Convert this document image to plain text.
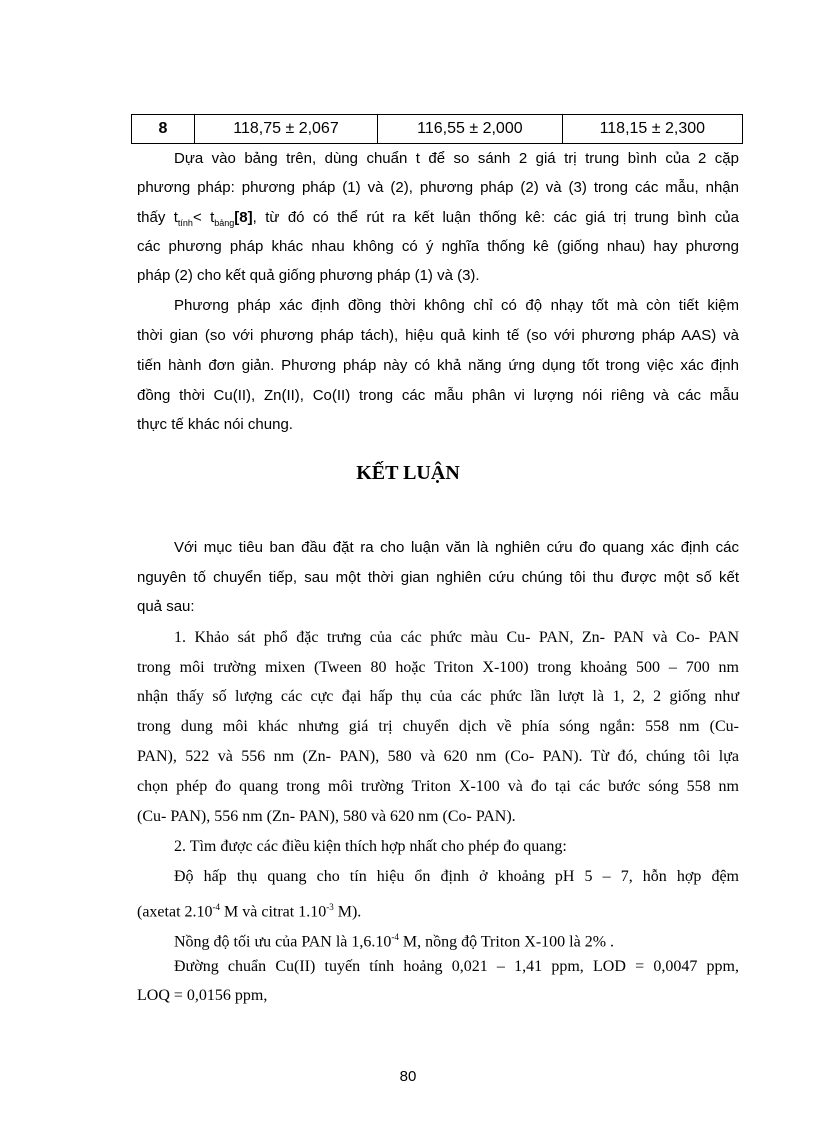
8	118,75 ± 2,067	116,55 ± 2,000	118,15 ± 2,300
Dựa vào bảng trên, dùng chuẩn t để so sánh 2 giá trị trung bình của 2 cặp
phương pháp: phương pháp (1) và (2), phương pháp (2) và (3) trong các mẫu, nhận
thấy $t_{tính}< t_{bảng}[8]$, từ đó có thể rút ra kết luận thống kê: các giá trị trung bình của
các phương pháp khác nhau không có ý nghĩa thống kê (giống nhau) hay phương
pháp (2) cho kết quả giống phương pháp (1) và (3).
Phương pháp xác định đồng thời không chỉ có độ nhạy tốt mà còn tiết kiệm
thời gian (so với phương pháp tách), hiệu quả kinh tế (so với phương pháp AAS) và
tiến hành đơn giản. Phương pháp này có khả năng ứng dụng tốt trong việc xác định
đồng thời Cu(II), Zn(II), Co(II) trong các mẫu phân vi lượng nói riêng và các mẫu
thực tế khác nói chung.
KẾT LUẬN
Với mục tiêu ban đầu đặt ra cho luận văn là nghiên cứu đo quang xác định các
nguyên tố chuyển tiếp, sau một thời gian nghiên cứu chúng tôi thu được một số kết
quả sau:
1. Khảo sát phổ đặc trưng của các phức màu Cu- PAN, Zn- PAN và Co- PAN
trong môi trường mixen (Tween 80 hoặc Triton X-100) trong khoảng 500 – 700 nm
nhận thấy số lượng các cực đại hấp thụ của các phức lần lượt là 1, 2, 2 giống như
trong dung môi khác nhưng giá trị chuyển dịch về phía sóng ngắn: 558 nm (Cu-
PAN), 522 và 556 nm (Zn- PAN), 580 và 620 nm (Co- PAN). Từ đó, chúng tôi lựa
chọn phép đo quang trong môi trường Triton X-100 và đo tại các bước sóng 558 nm
(Cu- PAN), 556 nm (Zn- PAN), 580 và 620 nm (Co- PAN).
2. Tìm được các điều kiện thích hợp nhất cho phép đo quang:
Độ hấp thụ quang cho tín hiệu ổn định ở khoảng pH 5 – 7, hỗn hợp đệm
(axetat $2.10^{-4}$ M và citrat $1.10^{-3}$ M).
Nồng độ tối ưu của PAN là $1,6.10^{-4}$ M, nồng độ Triton X-100 là 2% .
Đường chuẩn Cu(II) tuyến tính hoảng 0,021 – 1,41 ppm, LOD = 0,0047 ppm,
LOQ = 0,0156 ppm,
80
